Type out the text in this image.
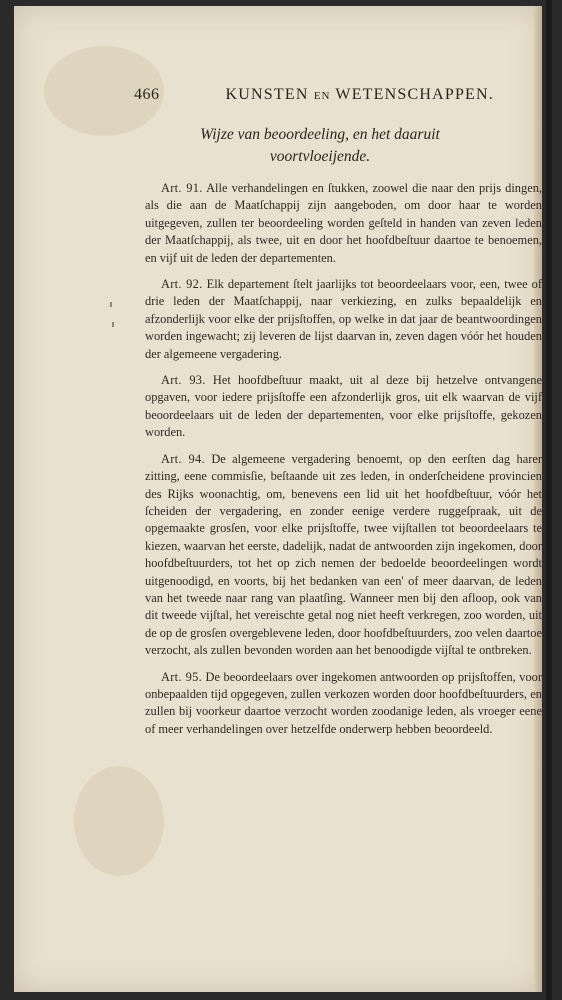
466	KUNSTEN EN WETENSCHAPPEN.
Wijze van beoordeeling, en het daaruit
voortvloeijende.

Art. 91. Alle verhandelingen en ſtukken, zoowel die naar den prijs dingen, als die aan de Maatſchappij zijn aangeboden, om door haar te worden uitgegeven, zullen ter beoordeeling worden geſteld in handen van zeven leden der Maatſchappij, als twee, uit en door het hoofdbeſtuur daartoe te benoemen, en vijf uit de leden der departementen.

Art. 92. Elk departement ſtelt jaarlijks tot beoordeelaars voor, een, twee of drie leden der Maatſchappij, naar verkiezing, en zulks bepaaldelijk en afzonderlijk voor elke der prijsſtoffen, op welke in dat jaar de beantwoordingen worden ingewacht; zij leveren de lijst daarvan in, zeven dagen vóór het houden der algemeene vergadering.

Art. 93. Het hoofdbeſtuur maakt, uit al deze bij hetzelve ontvangene opgaven, voor iedere prijsſtoffe een afzonderlijk gros, uit elk waarvan de vijf beoordeelaars uit de leden der departementen, voor elke prijsſtoffe, gekozen worden.

Art. 94. De algemeene vergadering benoemt, op den eerſten dag harer zitting, eene commisſie, beſtaande uit zes leden, in onderſcheidene provincien des Rijks woonachtig, om, benevens een lid uit het hoofdbeſtuur, vóór het ſcheiden der vergadering, en zonder eenige verdere ruggeſpraak, uit de opgemaakte grosſen, voor elke prijsſtoffe, twee vijſtallen tot beoordeelaars te kiezen, waarvan het eerste, dadelijk, nadat de antwoorden zijn ingekomen, door hoofdbeſtuurders, tot het op zich nemen der bedoelde beoordeelingen wordt uitgenoodigd, en voorts, bij het bedanken van een' of meer daarvan, de leden van het tweede naar rang van plaatſing. Wanneer men bij den afloop, ook van dit tweede vijſtal, het vereischte getal nog niet heeft verkregen, zoo worden, uit de op de grosſen overgeblevene leden, door hoofdbeſtuurders, zoo velen daartoe verzocht, als zullen bevonden worden aan het benoodigde vijſtal te ontbreken.

Art. 95. De beoordeelaars over ingekomen antwoorden op prijsſtoffen, voor onbepaalden tijd opgegeven, zullen verkozen worden door hoofdbeſtuurders, en zullen bij voorkeur daartoe verzocht worden zoodanige leden, als vroeger eene of meer verhandelingen over hetzelfde onderwerp hebben beoordeeld.
